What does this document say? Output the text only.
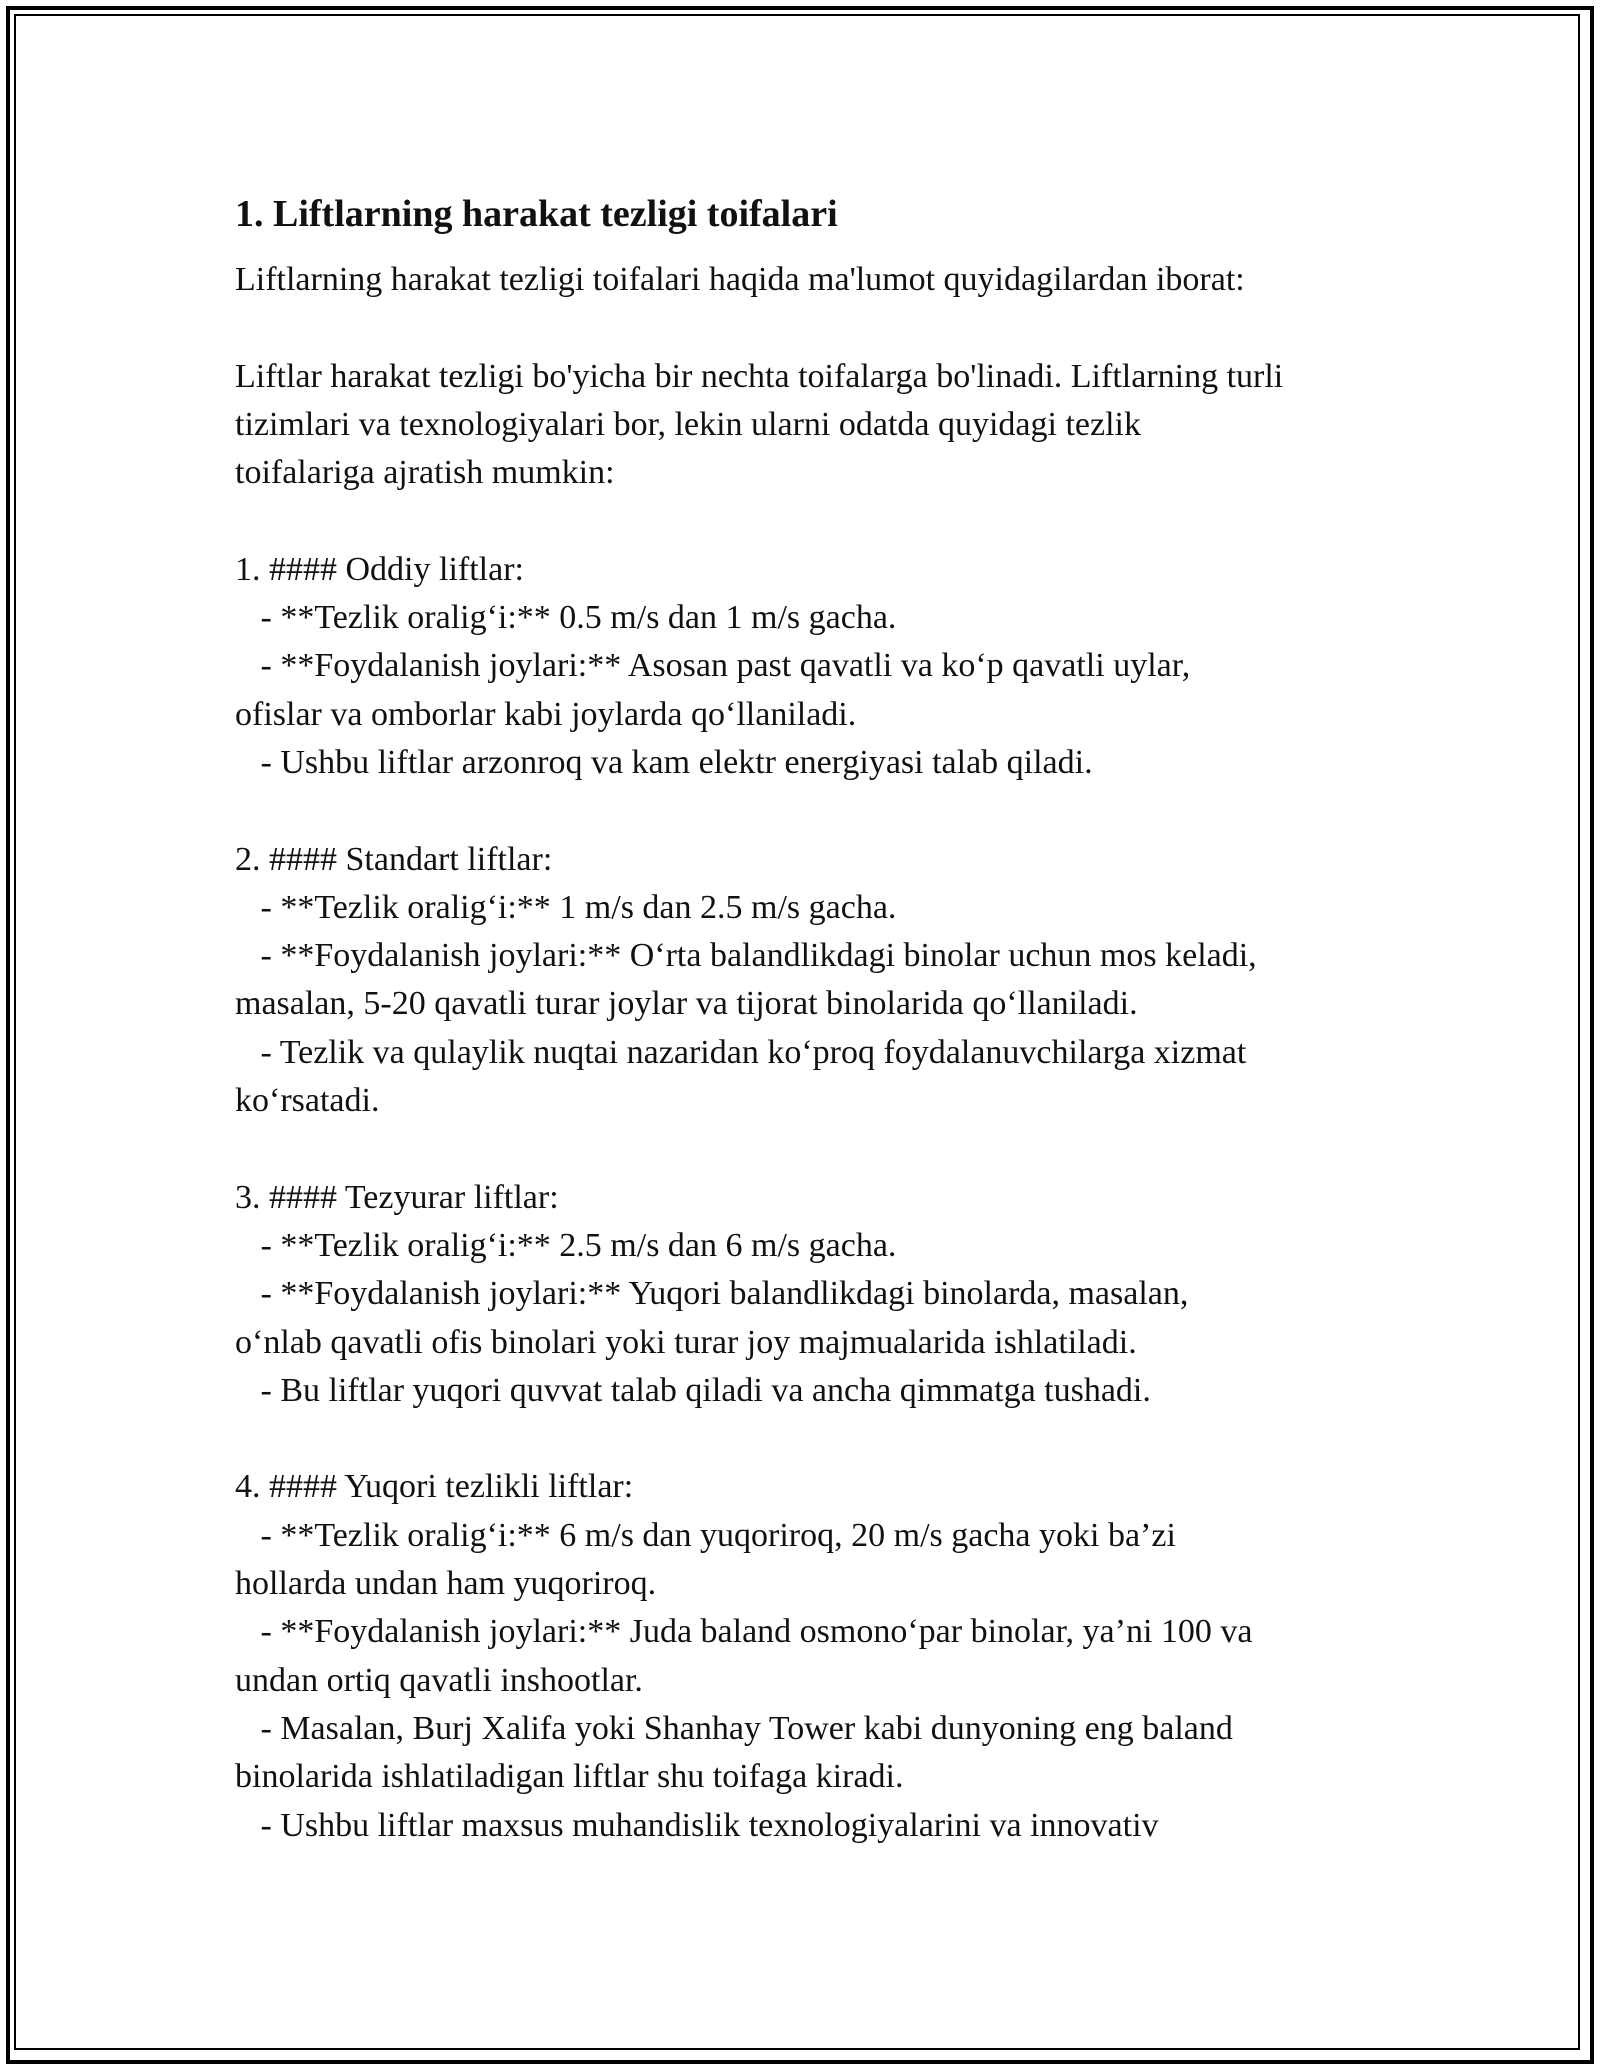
1. Liftlarning harakat tezligi toifalari

Liftlarning harakat tezligi toifalari haqida ma'lumot quyidagilardan iborat:

Liftlar harakat tezligi bo'yicha bir nechta toifalarga bo'linadi. Liftlarning turli
tizimlari va texnologiyalari bor, lekin ularni odatda quyidagi tezlik
toifalariga ajratish mumkin:
1. #### Oddiy liftlar:
- **Tezlik oralig‘i:** 0.5 m/s dan 1 m/s gacha.
- **Foydalanish joylari:** Asosan past qavatli va ko‘p qavatli uylar,
ofislar va omborlar kabi joylarda qo‘llaniladi.
- Ushbu liftlar arzonroq va kam elektr energiyasi talab qiladi.
2. #### Standart liftlar:
- **Tezlik oralig‘i:** 1 m/s dan 2.5 m/s gacha.
- **Foydalanish joylari:** O‘rta balandlikdagi binolar uchun mos keladi,
masalan, 5-20 qavatli turar joylar va tijorat binolarida qo‘llaniladi.
- Tezlik va qulaylik nuqtai nazaridan ko‘proq foydalanuvchilarga xizmat
ko‘rsatadi.
3. #### Tezyurar liftlar:
- **Tezlik oralig‘i:** 2.5 m/s dan 6 m/s gacha.
- **Foydalanish joylari:** Yuqori balandlikdagi binolarda, masalan,
o‘nlab qavatli ofis binolari yoki turar joy majmualarida ishlatiladi.
- Bu liftlar yuqori quvvat talab qiladi va ancha qimmatga tushadi.
4. #### Yuqori tezlikli liftlar:
- **Tezlik oralig‘i:** 6 m/s dan yuqoriroq, 20 m/s gacha yoki ba’zi
hollarda undan ham yuqoriroq.
- **Foydalanish joylari:** Juda baland osmono‘par binolar, ya’ni 100 va
undan ortiq qavatli inshootlar.
- Masalan, Burj Xalifa yoki Shanhay Tower kabi dunyoning eng baland
binolarida ishlatiladigan liftlar shu toifaga kiradi.
- Ushbu liftlar maxsus muhandislik texnologiyalarini va innovativ
